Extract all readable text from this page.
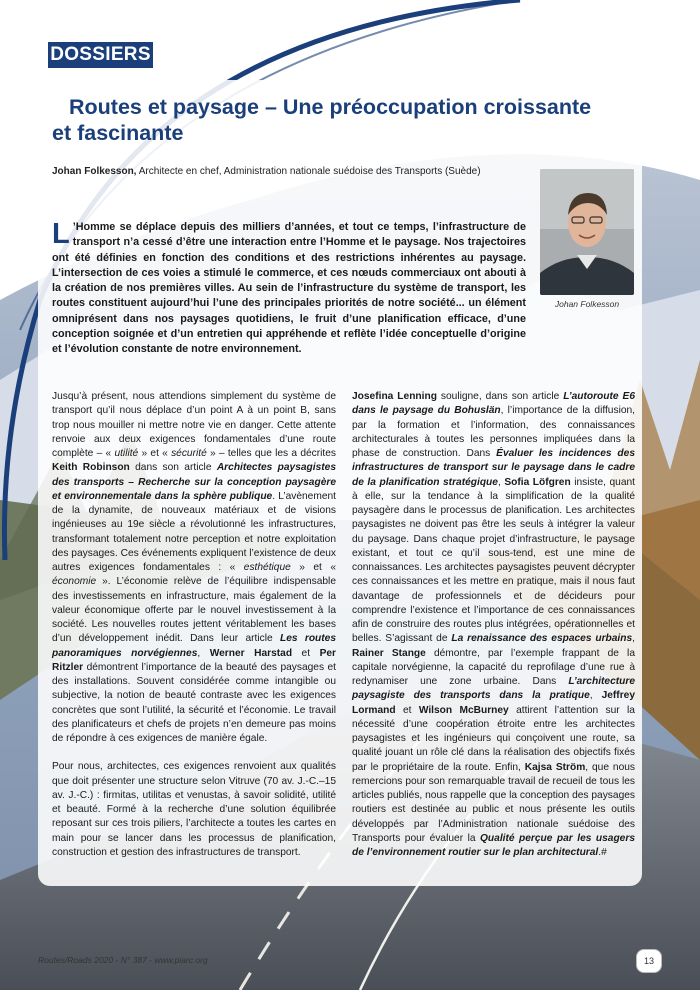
DOSSIERS
Routes et paysage – Une préoccupation croissante
et fascinante
Johan Folkesson, Architecte en chef, Administration nationale suédoise des Transports (Suède)
Johan Folkesson

L ’Homme se déplace depuis des milliers d’années, et tout ce temps, l’infrastructure de transport n’a cessé d’être une interaction entre l’Homme et le paysage. Nos trajectoires ont été définies en fonction des conditions et des restrictions inhérentes au paysage. L’intersection de ces voies a stimulé le commerce, et ces nœuds commerciaux ont abouti à la création de nos premières villes. Au sein de l’infrastructure du système de transport, les routes constituent aujourd’hui l’une des principales priorités de notre société... un élément omniprésent dans nos paysages quotidiens, le fruit d’une planification efficace, d’une conception soignée et d’un entretien qui appréhende et reflète l’idée conceptuelle d’origine et l’évolution constante de notre environnement.

Jusqu’à présent, nous attendions simplement du système de transport qu’il nous déplace d’un point A à un point B, sans trop nous mouiller ni mettre notre vie en danger. Cette attente renvoie aux deux exigences fondamentales d’une route complète – « utilité » et « sécurité » – telles que les a décrites Keith Robinson dans son article Architectes paysagistes des transports – Recherche sur la conception paysagère et environnementale dans la sphère publique. L’avènement de la dynamite, de nouveaux matériaux et de visions ingénieuses au 19e siècle a révolutionné les infrastructures, transformant totalement notre perception et notre exploitation des paysages. Ces événements expliquent l’existence de deux autres exigences fondamentales : « esthétique » et « économie ». L’économie relève de l’équilibre indispensable des investissements en infrastructure, mais également de la valeur économique offerte par le nouvel investissement à la société. Les nouvelles routes jettent véritablement les bases d’un développement inédit. Dans leur article Les routes panoramiques norvégiennes, Werner Harstad et Per Ritzler démontrent l’importance de la beauté des paysages et des installations. Souvent considérée comme intangible ou subjective, la notion de beauté contraste avec les exigences concrètes que sont l’utilité, la sécurité et l’économie. Le travail des planificateurs et chefs de projets n’en demeure pas moins de répondre à ces exigences de manière égale.

Pour nous, architectes, ces exigences renvoient aux qualités que doit présenter une structure selon Vitruve (70 av. J.-C.–15 av. J.-C.) : firmitas, utilitas et venustas, à savoir solidité, utilité et beauté. Formé à la recherche d’une solution équilibrée reposant sur ces trois piliers, l’architecte a toutes les cartes en main pour se lancer dans les processus de planification, construction et gestion des infrastructures de transport.

Josefina Lenning souligne, dans son article L’autoroute E6 dans le paysage du Bohuslän, l’importance de la diffusion, par la formation et l’information, des connaissances architecturales à toutes les personnes impliquées dans la phase de construction. Dans Évaluer les incidences des infrastructures de transport sur le paysage dans le cadre de la planification stratégique, Sofia Löfgren insiste, quant à elle, sur la tendance à la simplification de la qualité paysagère dans le processus de planification. Les architectes paysagistes ne doivent pas être les seuls à intégrer la valeur du paysage. Dans chaque projet d’infrastructure, le paysage existant, et tout ce qu’il sous-tend, est une mine de connaissances. Les architectes paysagistes peuvent décrypter ces connaissances et les mettre en pratique, mais il nous faut davantage de professionnels et de décideurs pour comprendre l’existence et l’importance de ces connaissances afin de construire des routes plus intégrées, opérationnelles et belles. S’agissant de La renaissance des espaces urbains, Rainer Stange démontre, par l’exemple frappant de la capitale norvégienne, la capacité du reprofilage d’une rue à redynamiser une zone urbaine. Dans L’architecture paysagiste des transports dans la pratique, Jeffrey Lormand et Wilson McBurney attirent l’attention sur la nécessité d’une coopération étroite entre les architectes paysagistes et les ingénieurs qui conçoivent une route, sa qualité jouant un rôle clé dans la réalisation des objectifs fixés par le propriétaire de la route. Enfin, Kajsa Ström, que nous remercions pour son remarquable travail de recueil de tous les articles publiés, nous rappelle que la conception des paysages routiers est destinée au public et nous présente les outils développés par l’Administration nationale suédoise des Transports pour évaluer la Qualité perçue par les usagers de l’environnement routier sur le plan architectural.#

Routes/Roads 2020 - N° 387 - www.piarc.org	13
